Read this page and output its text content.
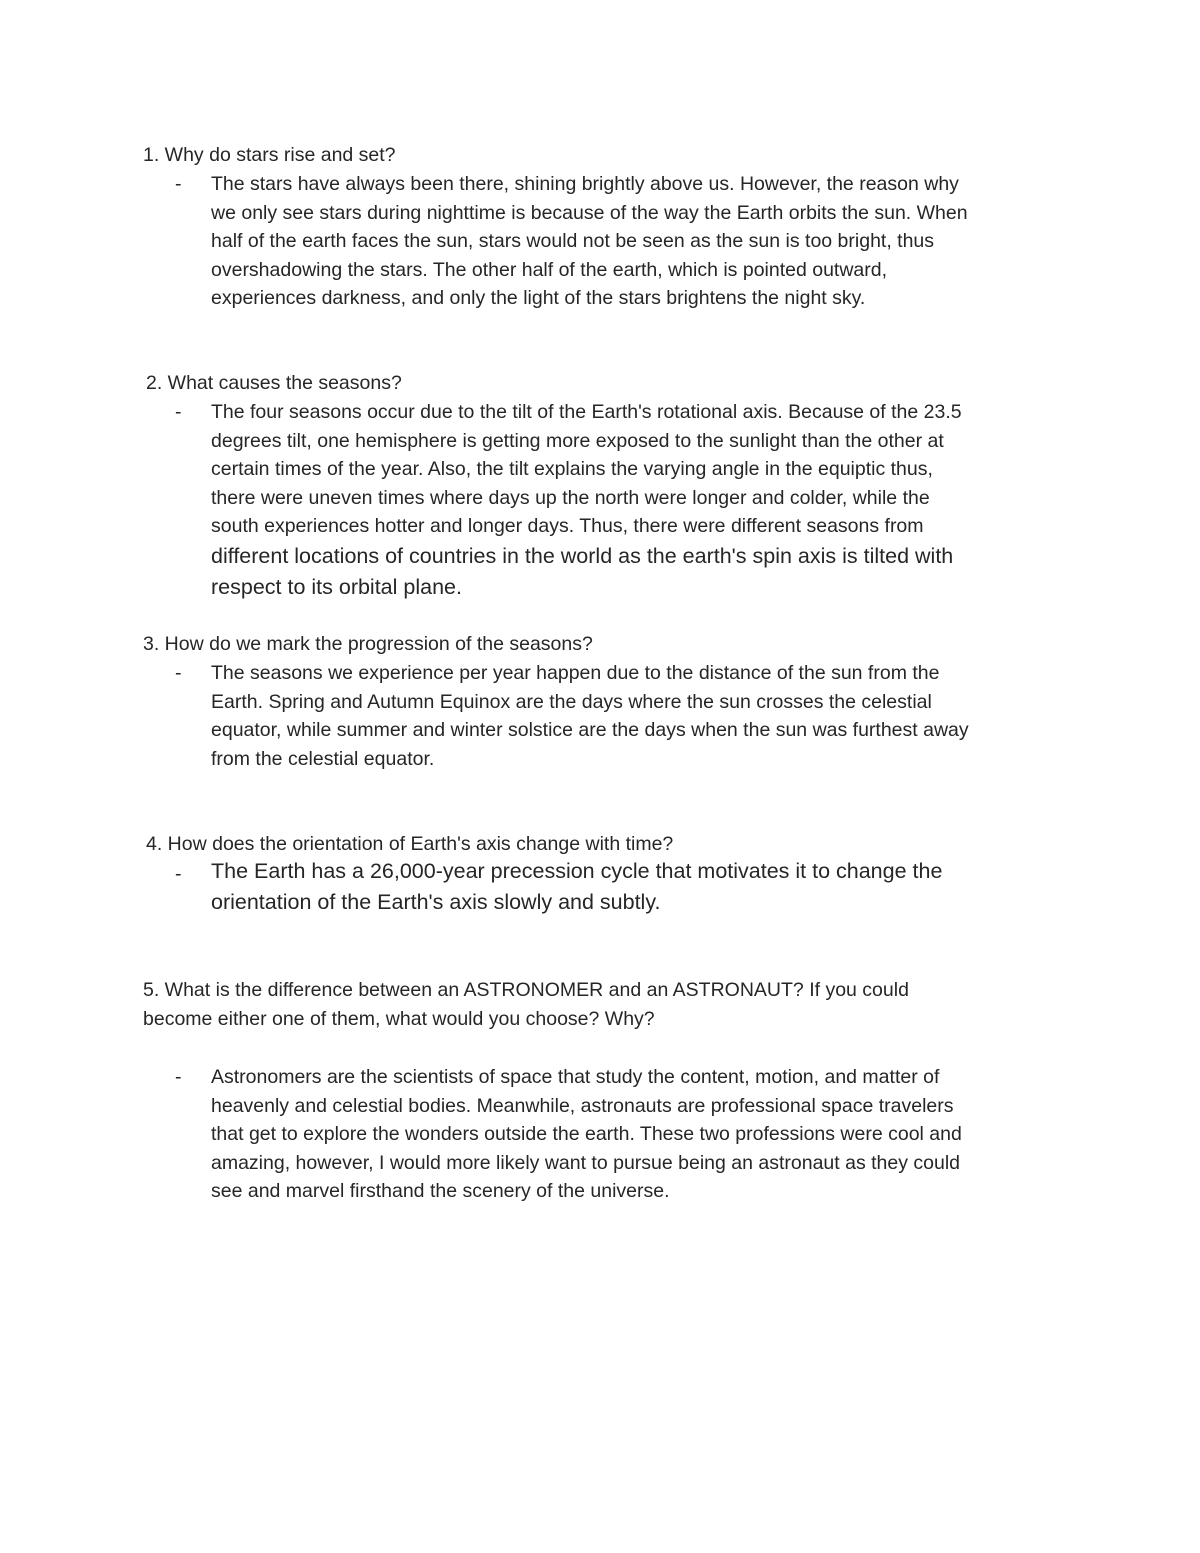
1. Why do stars rise and set?
- The stars have always been there, shining brightly above us. However, the reason why
we only see stars during nighttime is because of the way the Earth orbits the sun. When
half of the earth faces the sun, stars would not be seen as the sun is too bright, thus
overshadowing the stars. The other half of the earth, which is pointed outward,
experiences darkness, and only the light of the stars brightens the night sky.
2. What causes the seasons?
- The four seasons occur due to the tilt of the Earth's rotational axis. Because of the 23.5
degrees tilt, one hemisphere is getting more exposed to the sunlight than the other at
certain times of the year. Also, the tilt explains the varying angle in the equiptic thus,
there were uneven times where days up the north were longer and colder, while the
south experiences hotter and longer days. Thus, there were different seasons from
different locations of countries in the world as the earth's spin axis is tilted with
respect to its orbital plane.
3. How do we mark the progression of the seasons?
- The seasons we experience per year happen due to the distance of the sun from the
Earth. Spring and Autumn Equinox are the days where the sun crosses the celestial
equator, while summer and winter solstice are the days when the sun was furthest away
from the celestial equator.
4. How does the orientation of Earth's axis change with time?
- The Earth has a 26,000-year precession cycle that motivates it to change the
orientation of the Earth's axis slowly and subtly.
5. What is the difference between an ASTRONOMER and an ASTRONAUT? If you could
become either one of them, what would you choose? Why?
- Astronomers are the scientists of space that study the content, motion, and matter of
heavenly and celestial bodies. Meanwhile, astronauts are professional space travelers
that get to explore the wonders outside the earth. These two professions were cool and
amazing, however, I would more likely want to pursue being an astronaut as they could
see and marvel firsthand the scenery of the universe.
